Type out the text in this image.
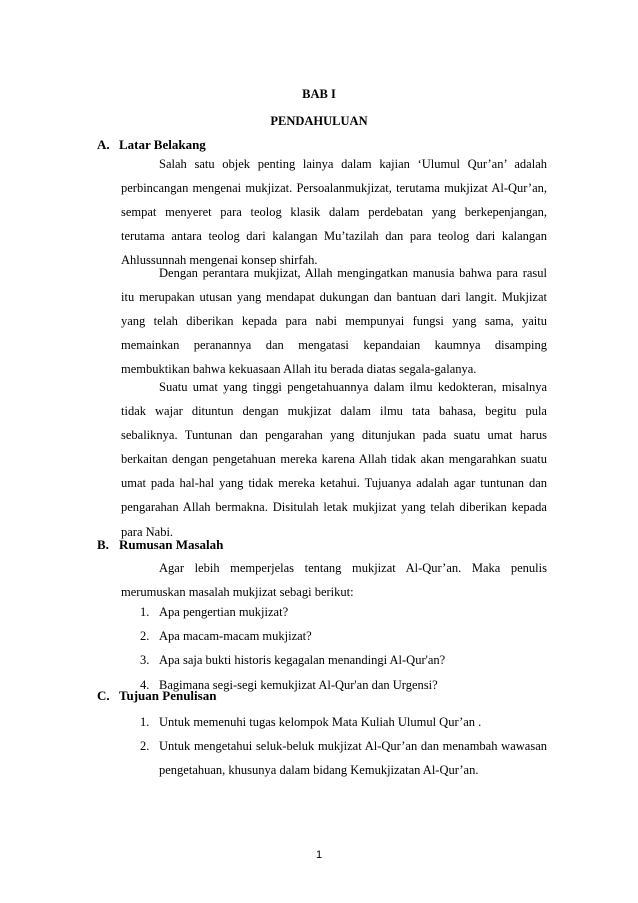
BAB I
PENDAHULUAN
A. Latar Belakang
Salah satu objek penting lainya dalam kajian ‘Ulumul Qur’an’ adalah perbincangan mengenai mukjizat. Persoalanmukjizat, terutama mukjizat Al-Qur’an, sempat menyeret para teolog klasik dalam perdebatan yang berkepenjangan, terutama antara teolog dari kalangan Mu’tazilah dan para teolog dari kalangan Ahlussunnah mengenai konsep shirfah.
Dengan perantara mukjizat, Allah mengingatkan manusia bahwa para rasul itu merupakan utusan yang mendapat dukungan dan bantuan dari langit. Mukjizat yang telah diberikan kepada para nabi mempunyai fungsi yang sama, yaitu memainkan peranannya dan mengatasi kepandaian kaumnya disamping membuktikan bahwa kekuasaan Allah itu berada diatas segala-galanya.
Suatu umat yang tinggi pengetahuannya dalam ilmu kedokteran, misalnya tidak wajar dituntun dengan mukjizat dalam ilmu tata bahasa, begitu pula sebaliknya. Tuntunan dan pengarahan yang ditunjukan pada suatu umat harus berkaitan dengan pengetahuan mereka karena Allah tidak akan mengarahkan suatu umat pada hal-hal yang tidak mereka ketahui. Tujuanya adalah agar tuntunan dan pengarahan Allah bermakna. Disitulah letak mukjizat yang telah diberikan kepada para Nabi.
B. Rumusan Masalah
Agar lebih memperjelas tentang mukjizat Al-Qur’an. Maka penulis merumuskan masalah mukjizat sebagi berikut:
1. Apa pengertian mukjizat?
2. Apa macam-macam mukjizat?
3. Apa saja bukti historis kegagalan menandingi Al-Qur'an?
4. Bagimana segi-segi kemukjizat Al-Qur'an dan Urgensi?
C. Tujuan Penulisan
1. Untuk memenuhi tugas kelompok Mata Kuliah Ulumul Qur’an .
2. Untuk mengetahui seluk-beluk mukjizat Al-Qur’an dan menambah wawasan pengetahuan, khusunya dalam bidang Kemukjizatan Al-Qur’an.
1
